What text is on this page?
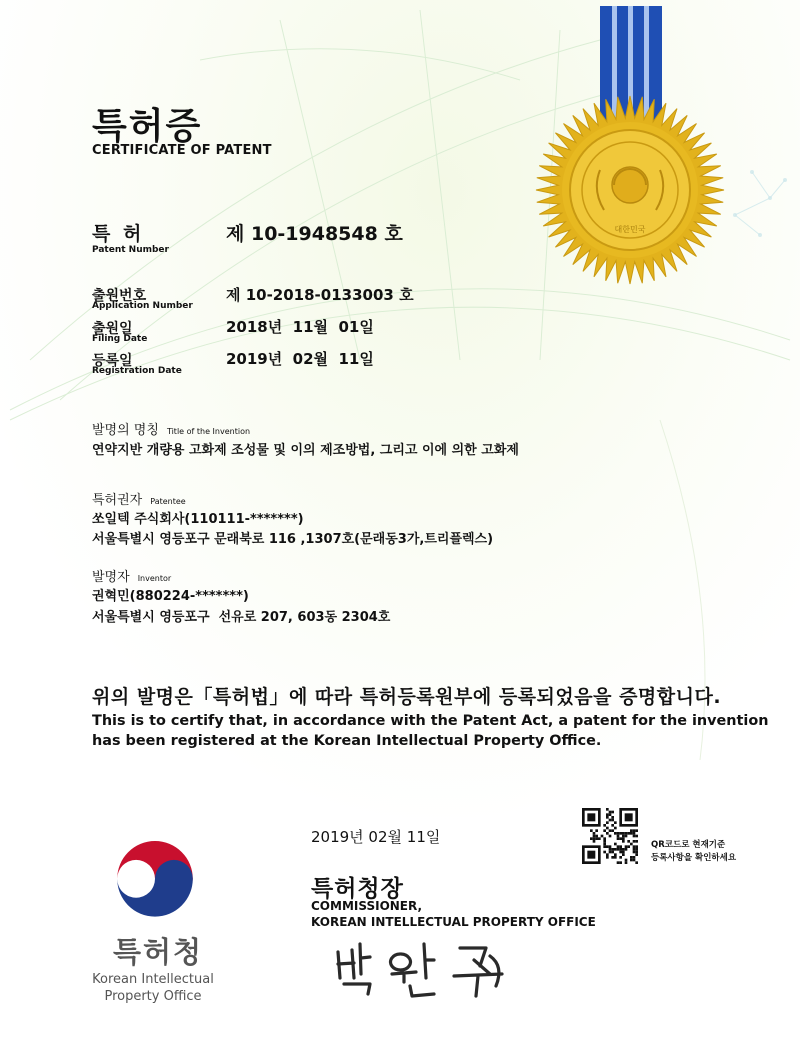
대한민국
특허증
CERTIFICATE OF PATENT
특 허
Patent Number
제 10-1948548 호
출원번호
Application Number
제 10-2018-0133003 호
출원일
Filing Date
2018년  11월  01일
등록일
Registration Date
2019년  02월  11일
발명의 명칭 Title of the Invention
연약지반 개량용 고화제 조성물 및 이의 제조방법, 그리고 이에 의한 고화제
특허권자 Patentee
쏘일텍 주식회사(110111-*******)
서울특별시 영등포구 문래북로 116 ,1307호(문래동3가,트리플렉스)
발명자 Inventor
권혁민(880224-*******)
서울특별시 영등포구  선유로 207, 603동 2304호
위의 발명은「특허법」에 따라 특허등록원부에 등록되었음을 증명합니다.
This is to certify that, in accordance with the Patent Act, a patent for the invention
has been registered at the Korean Intellectual Property Office.
2019년 02월 11일
특허청장
COMMISSIONER,
KOREAN INTELLECTUAL PROPERTY OFFICE
QR코드로 현재기준
등록사항을 확인하세요
특허청
Korean Intellectual
Property Office
